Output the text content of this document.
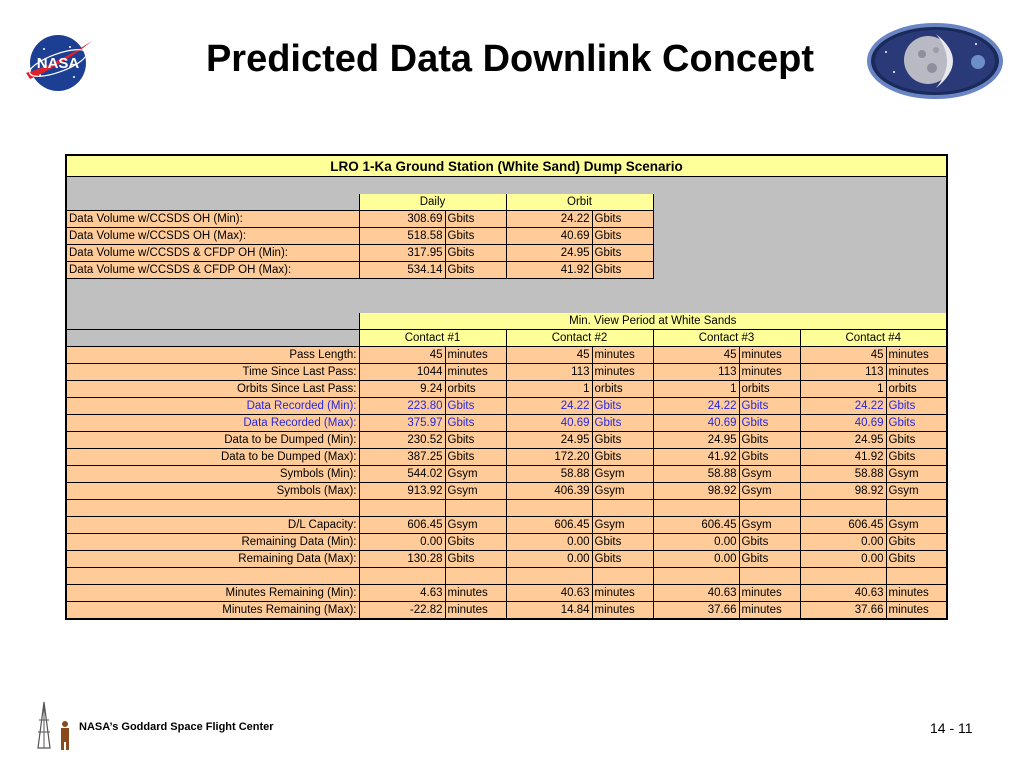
NASA	Predicted Data Downlink Concept
LRO 1-Ka Ground Station (White Sand) Dump Scenario								

	Daily		Orbit					
Data Volume w/CCSDS OH (Min):	308.69	Gbits	24.22	Gbits				
Data Volume w/CCSDS OH (Max):	518.58	Gbits	40.69	Gbits				
Data Volume w/CCSDS & CFDP OH (Min):	317.95	Gbits	24.95	Gbits				
Data Volume w/CCSDS & CFDP OH (Max):	534.14	Gbits	41.92	Gbits				

	Min. View Period at White Sands							
	Contact #1		Contact #2		Contact #3		Contact #4	
Pass Length:	45	minutes	45	minutes	45	minutes	45	minutes
Time Since Last Pass:	1044	minutes	113	minutes	113	minutes	113	minutes
Orbits Since Last Pass:	9.24	orbits	1	orbits	1	orbits	1	orbits
Data Recorded (Min):	223.80	Gbits	24.22	Gbits	24.22	Gbits	24.22	Gbits
Data Recorded (Max):	375.97	Gbits	40.69	Gbits	40.69	Gbits	40.69	Gbits
Data to be Dumped (Min):	230.52	Gbits	24.95	Gbits	24.95	Gbits	24.95	Gbits
Data to be Dumped (Max):	387.25	Gbits	172.20	Gbits	41.92	Gbits	41.92	Gbits
Symbols (Min):	544.02	Gsym	58.88	Gsym	58.88	Gsym	58.88	Gsym
Symbols (Max):	913.92	Gsym	406.39	Gsym	98.92	Gsym	98.92	Gsym

D/L Capacity:	606.45	Gsym	606.45	Gsym	606.45	Gsym	606.45	Gsym
Remaining Data (Min):	0.00	Gbits	0.00	Gbits	0.00	Gbits	0.00	Gbits
Remaining Data (Max):	130.28	Gbits	0.00	Gbits	0.00	Gbits	0.00	Gbits

Minutes Remaining (Min):	4.63	minutes	40.63	minutes	40.63	minutes	40.63	minutes
Minutes Remaining (Max):	-22.82	minutes	14.84	minutes	37.66	minutes	37.66	minutes
NASA’s Goddard Space Flight Center	14 - 11
